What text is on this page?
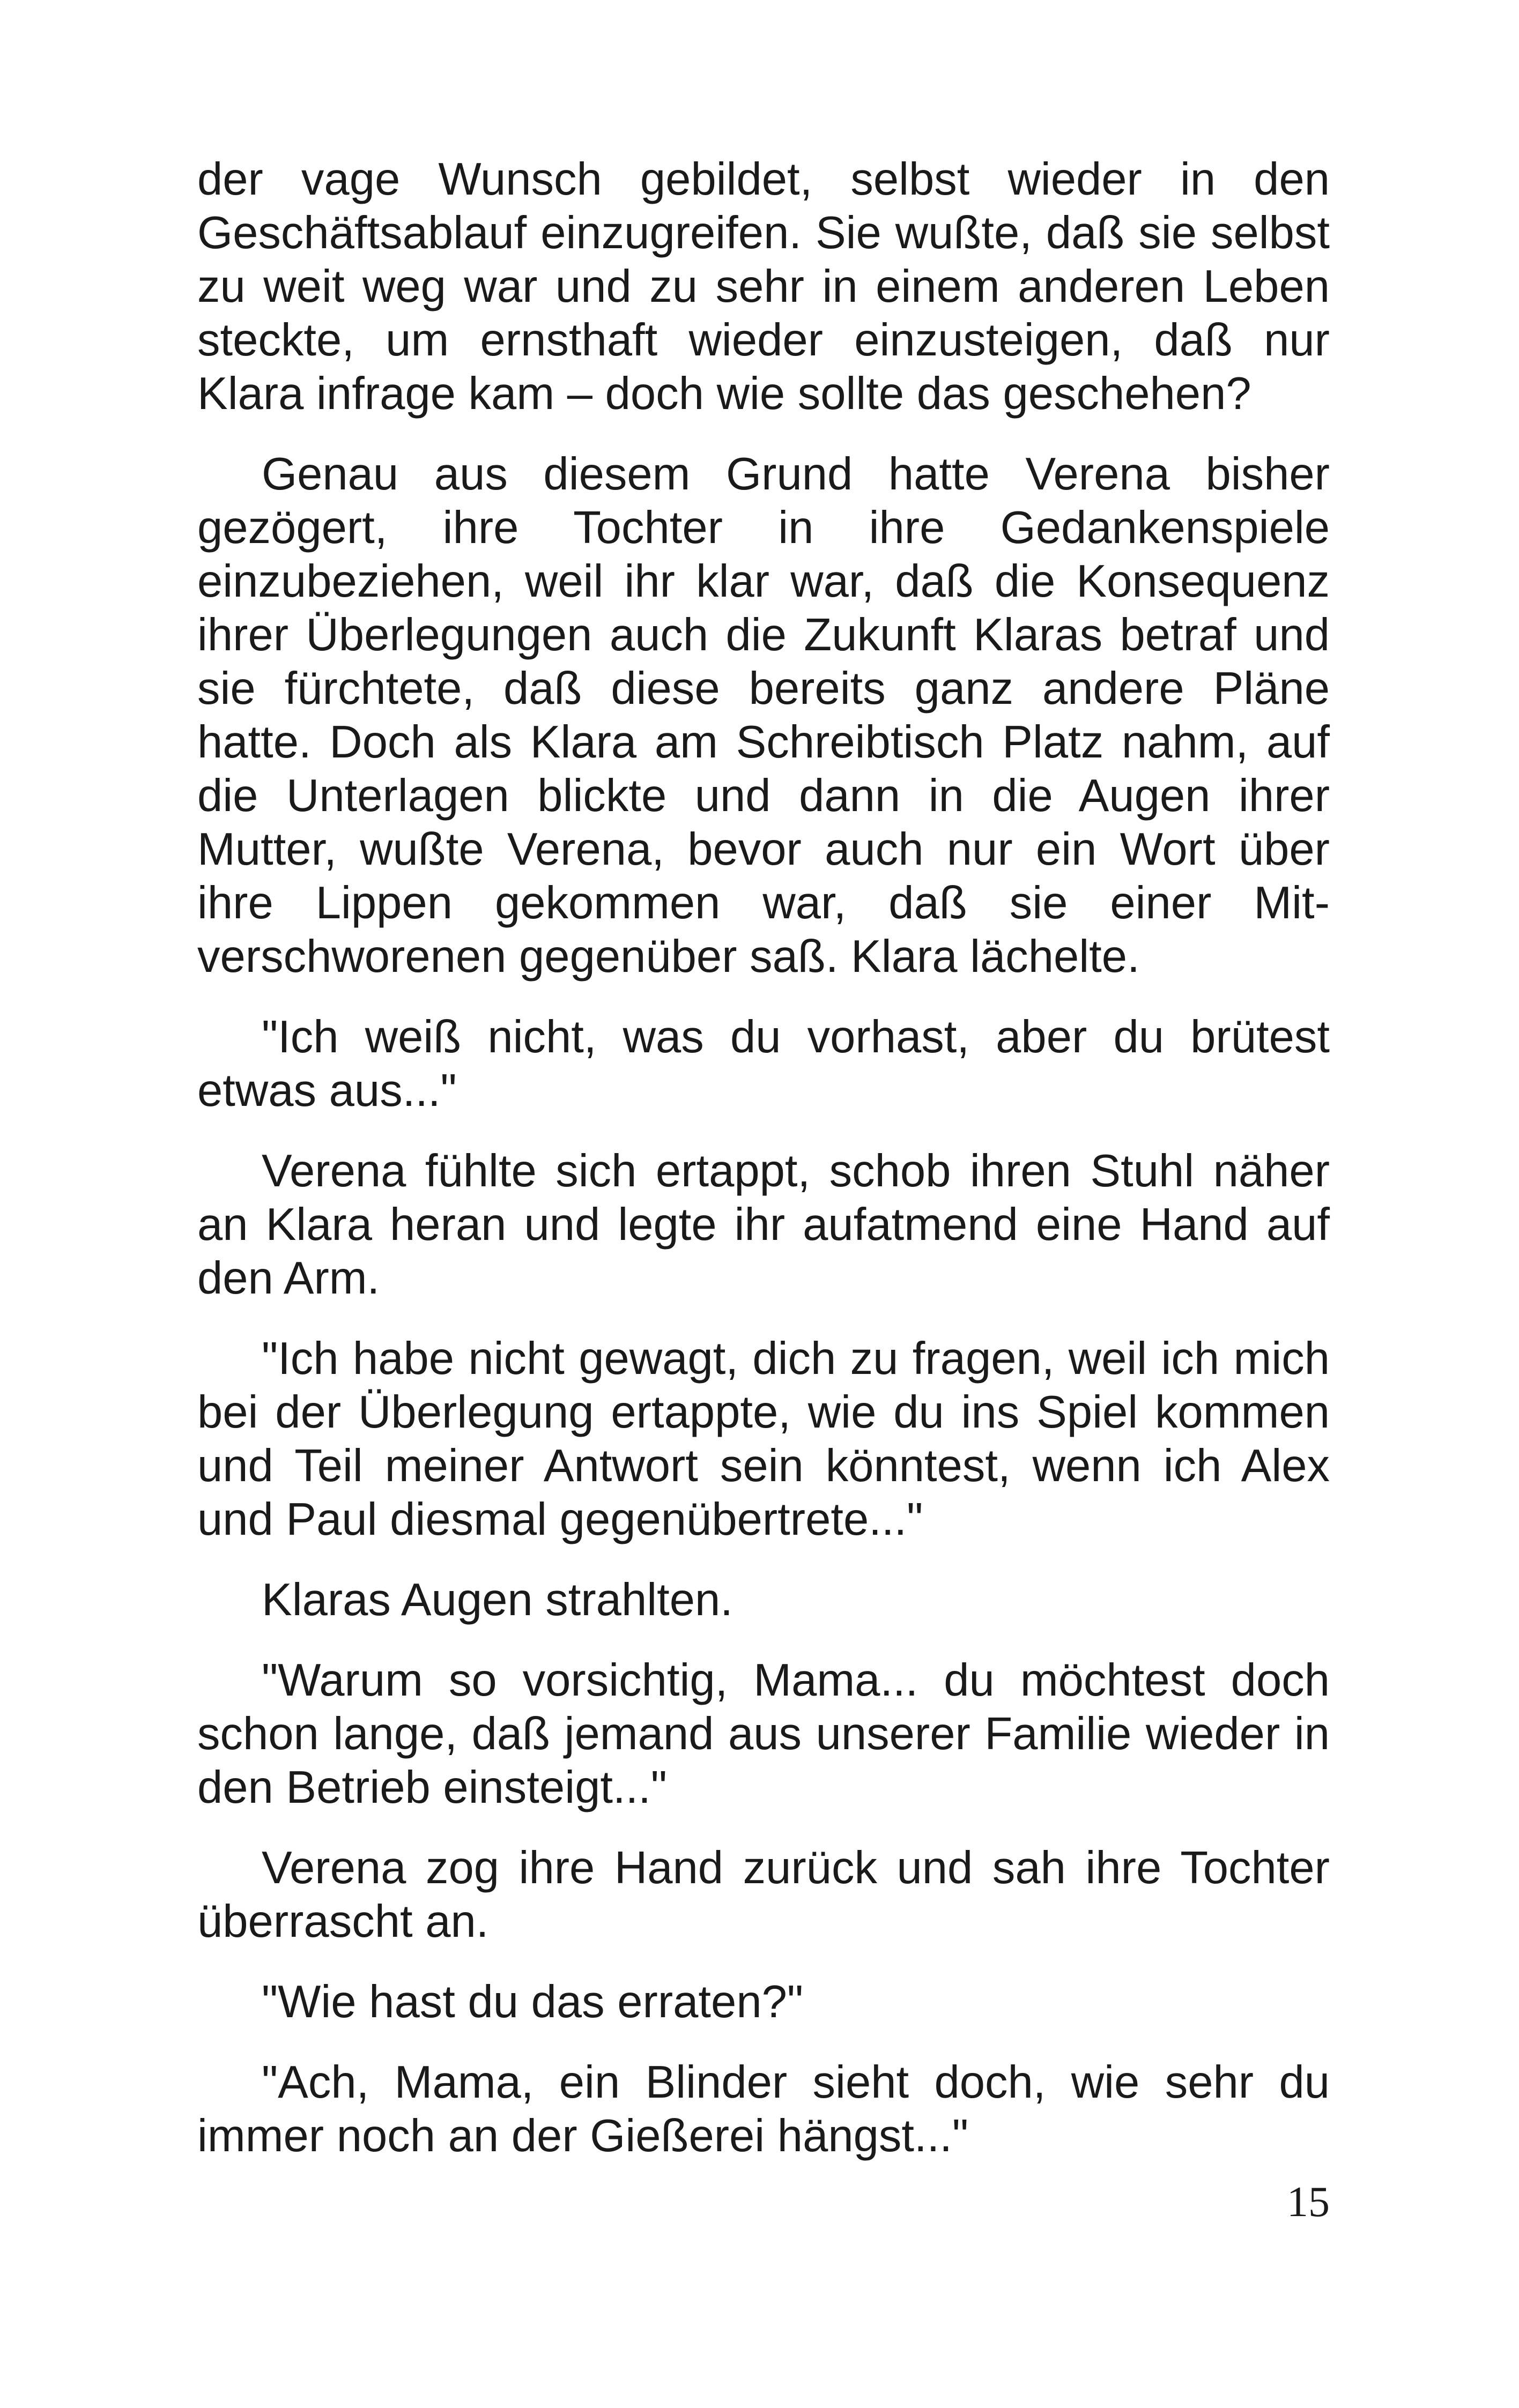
der vage Wunsch gebildet, selbst wieder in den Geschäftsablauf einzugreifen. Sie wußte, daß sie selbst zu weit weg war und zu sehr in einem anderen Leben steckte, um ernsthaft wieder einzusteigen, daß nur Klara infrage kam – doch wie sollte das geschehen?

Genau aus diesem Grund hatte Verena bisher gezögert, ihre Tochter in ihre Gedankenspiele einzubeziehen, weil ihr klar war, daß die Konsequenz ihrer Überlegungen auch die Zukunft Klaras betraf und sie fürchtete, daß diese bereits ganz andere Pläne hatte. Doch als Klara am Schreibtisch Platz nahm, auf die Unterlagen blickte und dann in die Augen ihrer Mutter, wußte Verena, bevor auch nur ein Wort über ihre Lippen gekommen war, daß sie einer Mitverschworenen gegenüber saß. Klara lächelte.

"Ich weiß nicht, was du vorhast, aber du brütest etwas aus..."

Verena fühlte sich ertappt, schob ihren Stuhl näher an Klara heran und legte ihr aufatmend eine Hand auf den Arm.

"Ich habe nicht gewagt, dich zu fragen, weil ich mich bei der Überlegung ertappte, wie du ins Spiel kommen und Teil meiner Antwort sein könntest, wenn ich Alex und Paul diesmal gegenübertrete..."

Klaras Augen strahlten.

"Warum so vorsichtig, Mama... du möchtest doch schon lange, daß jemand aus unserer Familie wieder in den Betrieb einsteigt..."

Verena zog ihre Hand zurück und sah ihre Tochter überrascht an.

"Wie hast du das erraten?"

"Ach, Mama, ein Blinder sieht doch, wie sehr du immer noch an der Gießerei hängst..."

15
